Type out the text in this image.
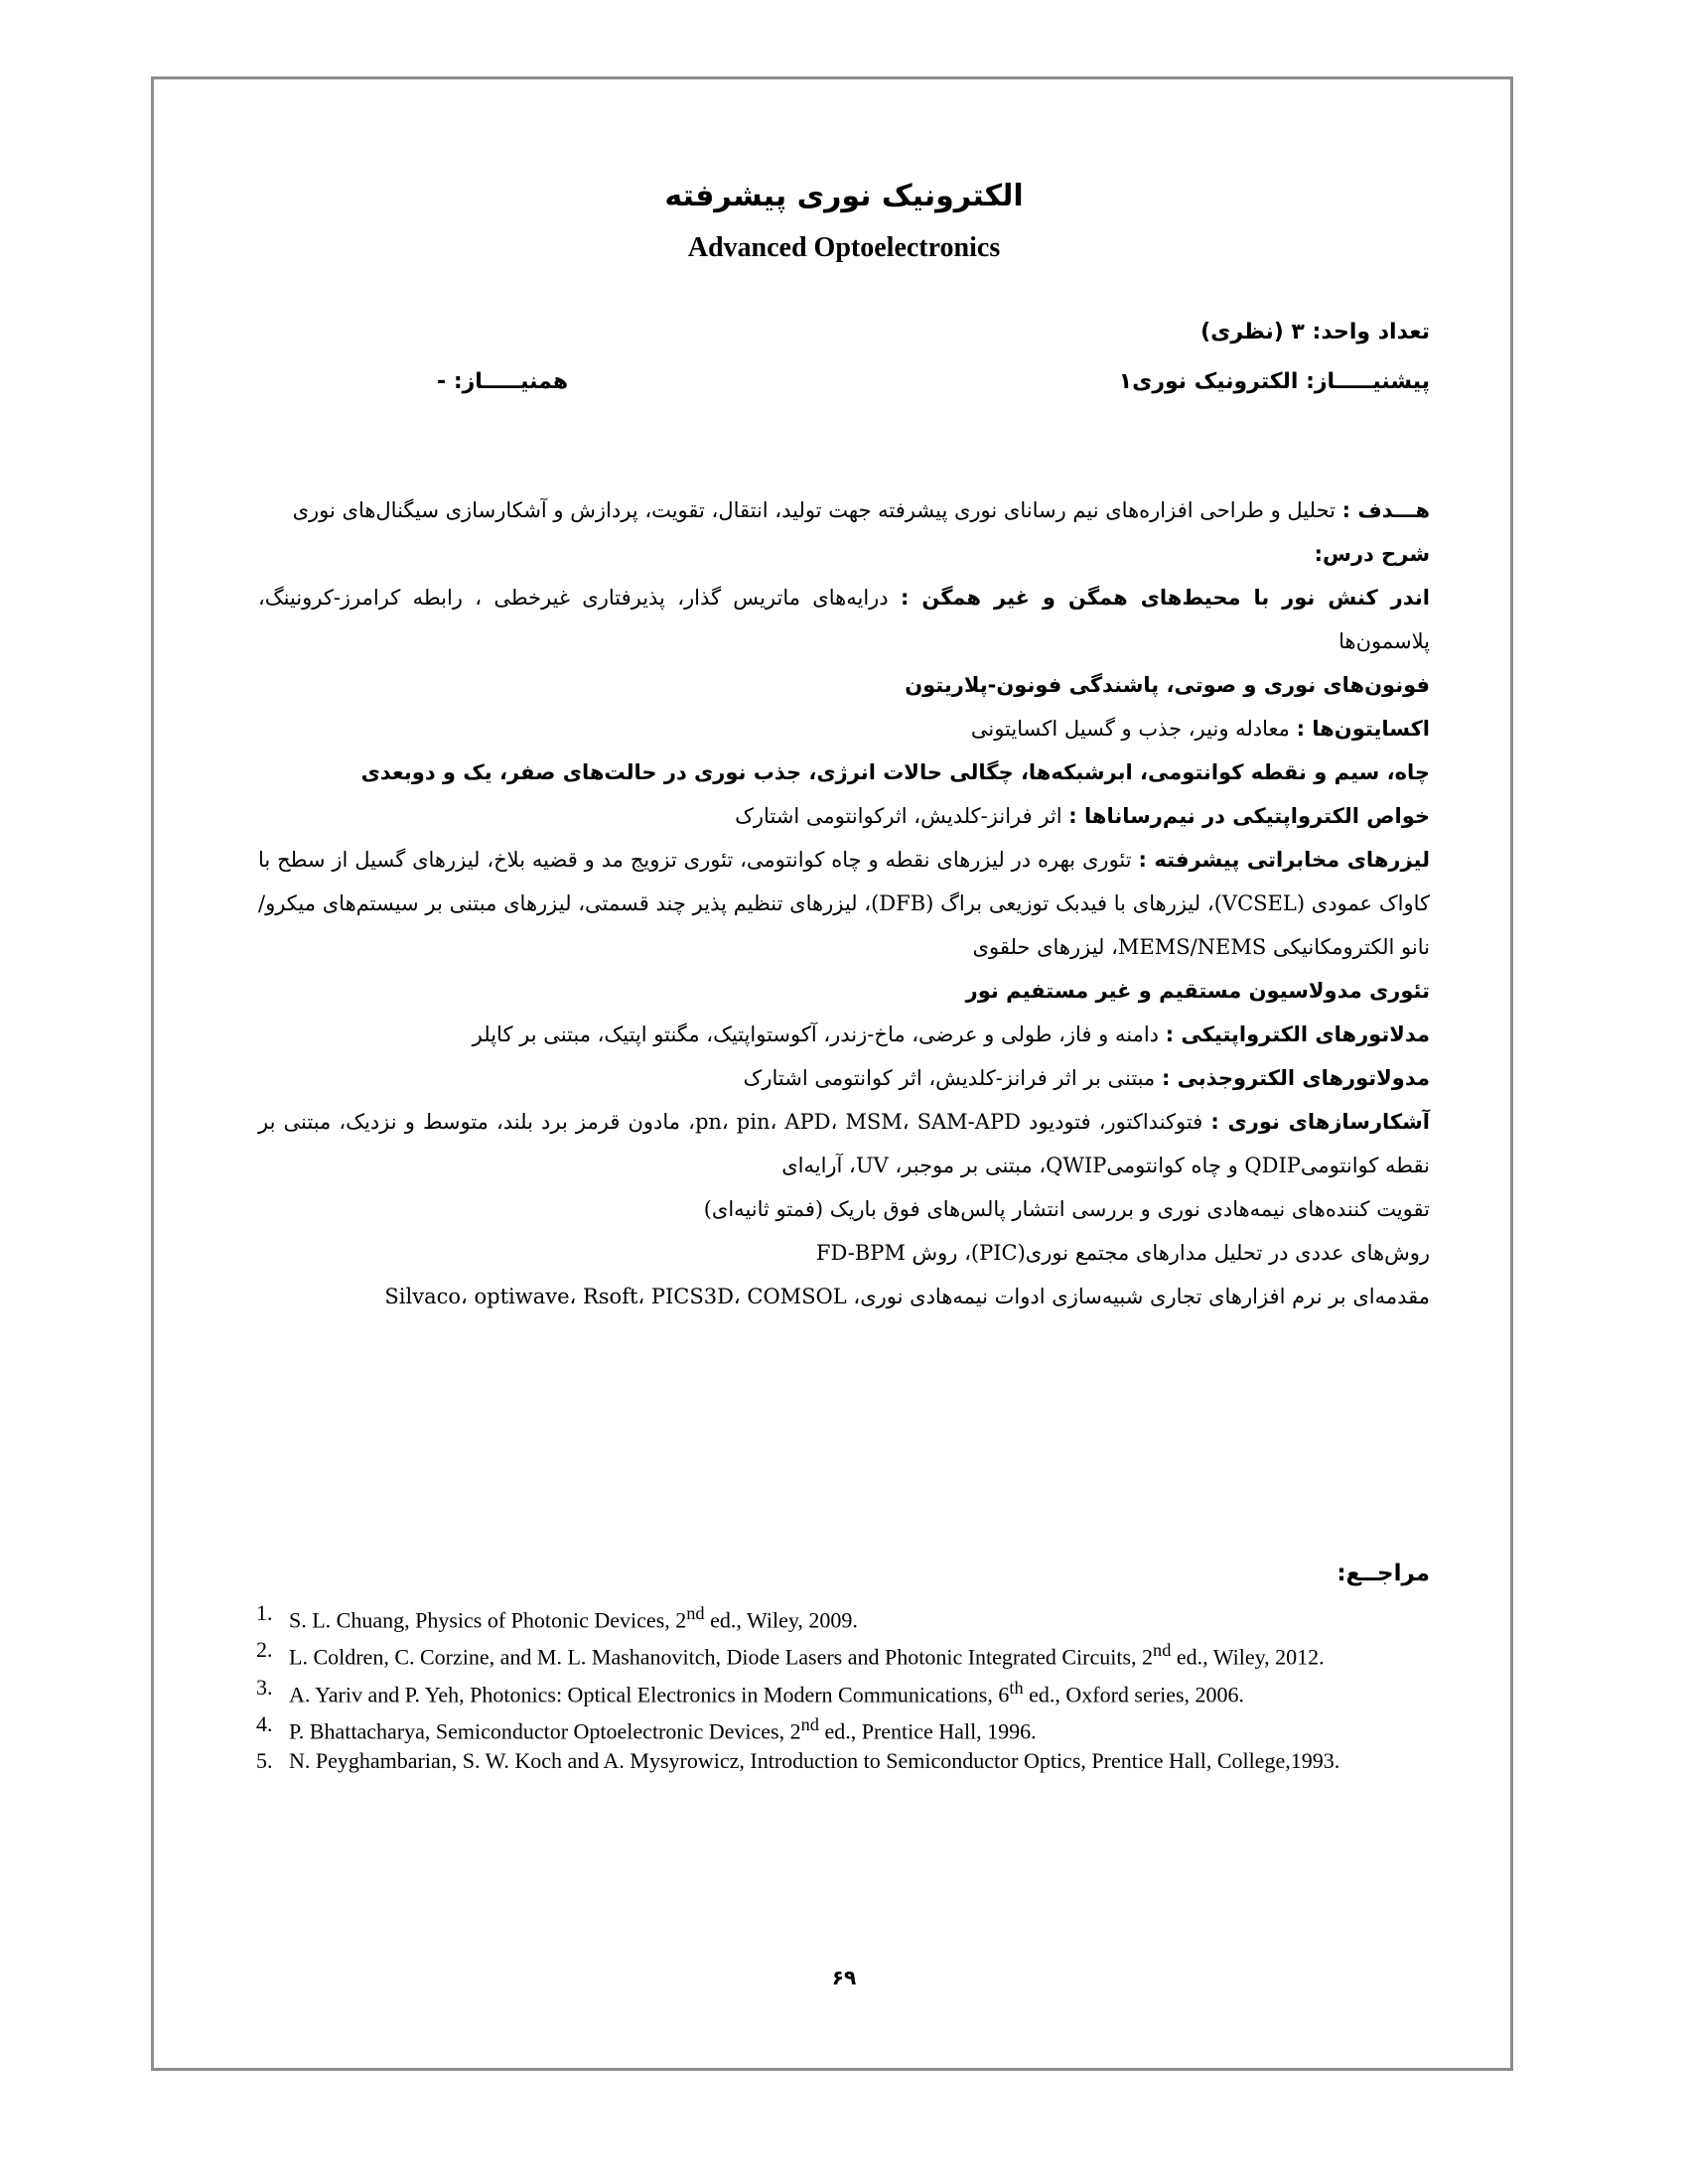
الکترونیک نوری پیشرفته
Advanced Optoelectronics
تعداد واحد: ۳ (نظری)
پیشنیـــــاز: الکترونیک نوری۱
همنیـــــاز: -

هـــدف : تحلیل و طراحی افزاره‌های نیم رسانای نوری پیشرفته جهت تولید، انتقال، تقویت، پردازش و آشکارسازی سیگنال‌های نوری

شرح درس:

اندر کنش نور با محیط‌های همگن و غیر همگن : درایه‌های ماتریس گذار، پذیرفتاری غیرخطی ، رابطه کرامرز-کرونینگ، پلاسمون‌ها

فونون‌های نوری و صوتی، پاشندگی فونون-پلاریتون

اکسایتون‌ها : معادله ونیر، جذب و گسیل اکسایتونی

چاه، سیم و نقطه کوانتومی، ابرشبکه‌ها، چگالی حالات انرژی، جذب نوری در حالت‌های صفر، یک و دوبعدی

خواص الکترواپتیکی در نیم‌رساناها : اثر فرانز-کلدیش، اثرکوانتومی اشتارک

لیزرهای مخابراتی پیشرفته : تئوری بهره در لیزرهای نقطه و چاه کوانتومی، تئوری تزویج مد و قضیه بلاخ، لیزرهای گسیل از سطح با کاواک عمودی (VCSEL)، لیزرهای با فیدبک توزیعی براگ (DFB)، لیزرهای تنظیم پذیر چند قسمتی، لیزرهای مبتنی بر سیستم‌های میکرو/نانو الکترومکانیکی MEMS/NEMS، لیزرهای حلقوی

تئوری مدولاسیون مستقیم و غیر مستفیم نور

مدلاتورهای الکترواپتیکی : دامنه و فاز، طولی و عرضی، ماخ-زندر، آکوستواپتیک، مگنتو اپتیک، مبتنی بر کاپلر

مدولاتورهای الکتروجذبی : مبتنی بر اثر فرانز-کلدیش، اثر کوانتومی اشتارک

آشکارسازهای نوری : فتوکنداکتور، فتودیود pn، pin، APD، MSM، SAM-APD، مادون قرمز برد بلند، متوسط و نزدیک، مبتنی بر نقطه کوانتومیQDIP و چاه کوانتومیQWIP، مبتنی بر موجبر، UV، آرایه‌ای

تقویت کننده‌های نیمه‌هادی نوری و بررسی انتشار پالس‌های فوق باریک (فمتو ثانیه‌ای)

روش‌های عددی در تحلیل مدارهای مجتمع نوری(PIC)، روش FD-BPM

مقدمه‌ای بر نرم افزارهای تجاری شبیه‌سازی ادوات نیمه‌هادی نوری، Silvaco، optiwave، Rsoft، PICS3D، COMSOL

مراجــع:
1. S. L. Chuang, Physics of Photonic Devices, 2nd ed., Wiley, 2009.
2. L. Coldren, C. Corzine, and M. L. Mashanovitch, Diode Lasers and Photonic Integrated Circuits, 2nd ed., Wiley, 2012.
3. A. Yariv and P. Yeh, Photonics: Optical Electronics in Modern Communications, 6th ed., Oxford series, 2006.
4. P. Bhattacharya, Semiconductor Optoelectronic Devices, 2nd ed., Prentice Hall, 1996.
5. N. Peyghambarian, S. W. Koch and A. Mysyrowicz, Introduction to Semiconductor Optics, Prentice Hall, College,1993.
۶۹
